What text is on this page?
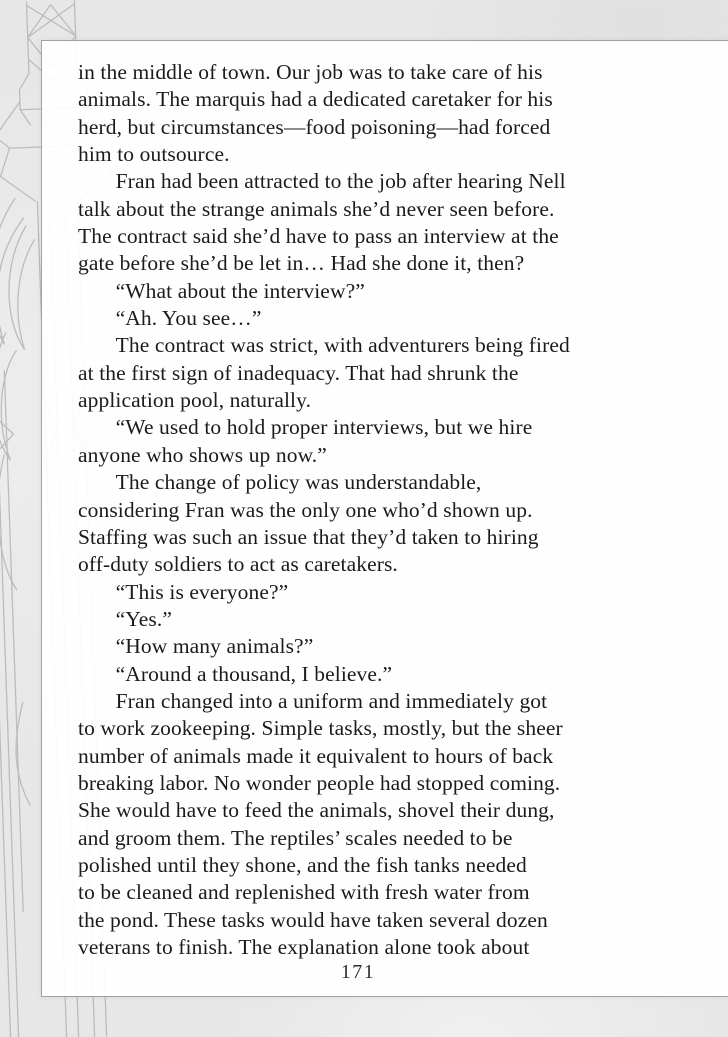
in the middle of town. Our job was to take care of his
animals. The marquis had a dedicated caretaker for his
herd, but circumstances—food poisoning—had forced
him to outsource.
Fran had been attracted to the job after hearing Nell
talk about the strange animals she’d never seen before.
The contract said she’d have to pass an interview at the
gate before she’d be let in… Had she done it, then?
“What about the interview?”
“Ah. You see…”
The contract was strict, with adventurers being fired
at the first sign of inadequacy. That had shrunk the
application pool, naturally.
“We used to hold proper interviews, but we hire
anyone who shows up now.”
The change of policy was understandable,
considering Fran was the only one who’d shown up.
Staffing was such an issue that they’d taken to hiring
off-duty soldiers to act as caretakers.
“This is everyone?”
“Yes.”
“How many animals?”
“Around a thousand, I believe.”
Fran changed into a uniform and immediately got
to work zookeeping. Simple tasks, mostly, but the sheer
number of animals made it equivalent to hours of back
breaking labor. No wonder people had stopped coming.
She would have to feed the animals, shovel their dung,
and groom them. The reptiles’ scales needed to be
polished until they shone, and the fish tanks needed
to be cleaned and replenished with fresh water from
the pond. These tasks would have taken several dozen
veterans to finish. The explanation alone took about
171
